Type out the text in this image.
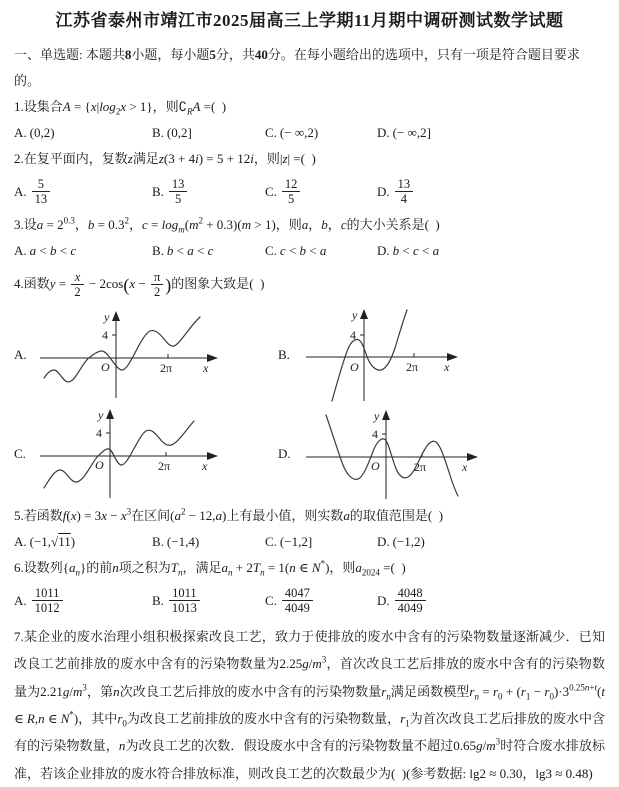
江苏省泰州市靖江市2025届高三上学期11月期中调研测试数学试题

一、单选题: 本题共8小题，每小题5分，共40分。在每小题给出的选项中，只有一项是符合题目要求的。

1.设集合$A = \{x|\log_2x > 1\}$，则$∁_RA$ =( )

A. (0,2)	B. (0,2]	C. (− ∞,2)	D. (− ∞,2]

2.在复平面内，复数z满足z(3 + 4i) = 5 + 12i，则|z| =( )

A. $\frac{5}{13}$	B. $\frac{13}{5}$	C. $\frac{12}{5}$	D. $\frac{13}{4}$

3.设$a = 2^{0.3}$，$b = 0.3^2$，$c = \log_m(m^2 + 0.3)(m > 1)$，则a，b，c的大小关系是( )

A. a < b < c	B. b < a < c	C. c < b < a	D. b < c < a

4.函数$y = \frac{x}{2} - 2\cos(x - \frac{\pi}{2}$ )的图象大致是( )

A.
y
4
O	2π	x
B.
y
4
O	2π x
C.
y
4
O	2π	x
D.
y
4
O	2π	x

5.若函数$f(x) = 3x - x^3$在区间$(a^2 - 12,a)$上有最小值，则实数a的取值范围是( )

A. (−1,√11)	B. (−1,4)	C. (−1,2]	D. (−1,2)

6.设数列$\{a_n\}$的前n项之积为$T_n$，满足$a_n + 2T_n = 1(n$ ∈ N*)，则$a_{2024}$ =( )

A. $\frac{1011}{1012}$	B. $\frac{1011}{1013}$	C. $\frac{4047}{4049}$	D. $\frac{4048}{4049}$

7.某企业的废水治理小组积极探索改良工艺，致力于使排放的废水中含有的污染物数量逐渐减少．已知改良工艺前排放的废水中含有的污染物数量为$2.25g/m^3$，首次改良工艺后排放的废水中含有的污染物数量为$2.21g/m^3$，第n次改良工艺后排放的废水中含有的污染物数量$r_n$满足函数模型$r_n = r_0 + (r_1 - r_0)\cdot 3^{0.25n+t}(t$ ∈ R,n ∈ N*)，其中$r_0$为改良工艺前排放的废水中含有的污染物数量，$r_1$为首次改良工艺后排放的废水中含有的污染物数量，n为改良工艺的次数．假设废水中含有的污染物数量不超过$0.65g/m^3$时符合废水排放标准，若该企业排放的废水符合排放标准，则改良工艺的次数最少为( )(参考数据: lg2 ≈ 0.30，lg3 ≈ 0.48)
